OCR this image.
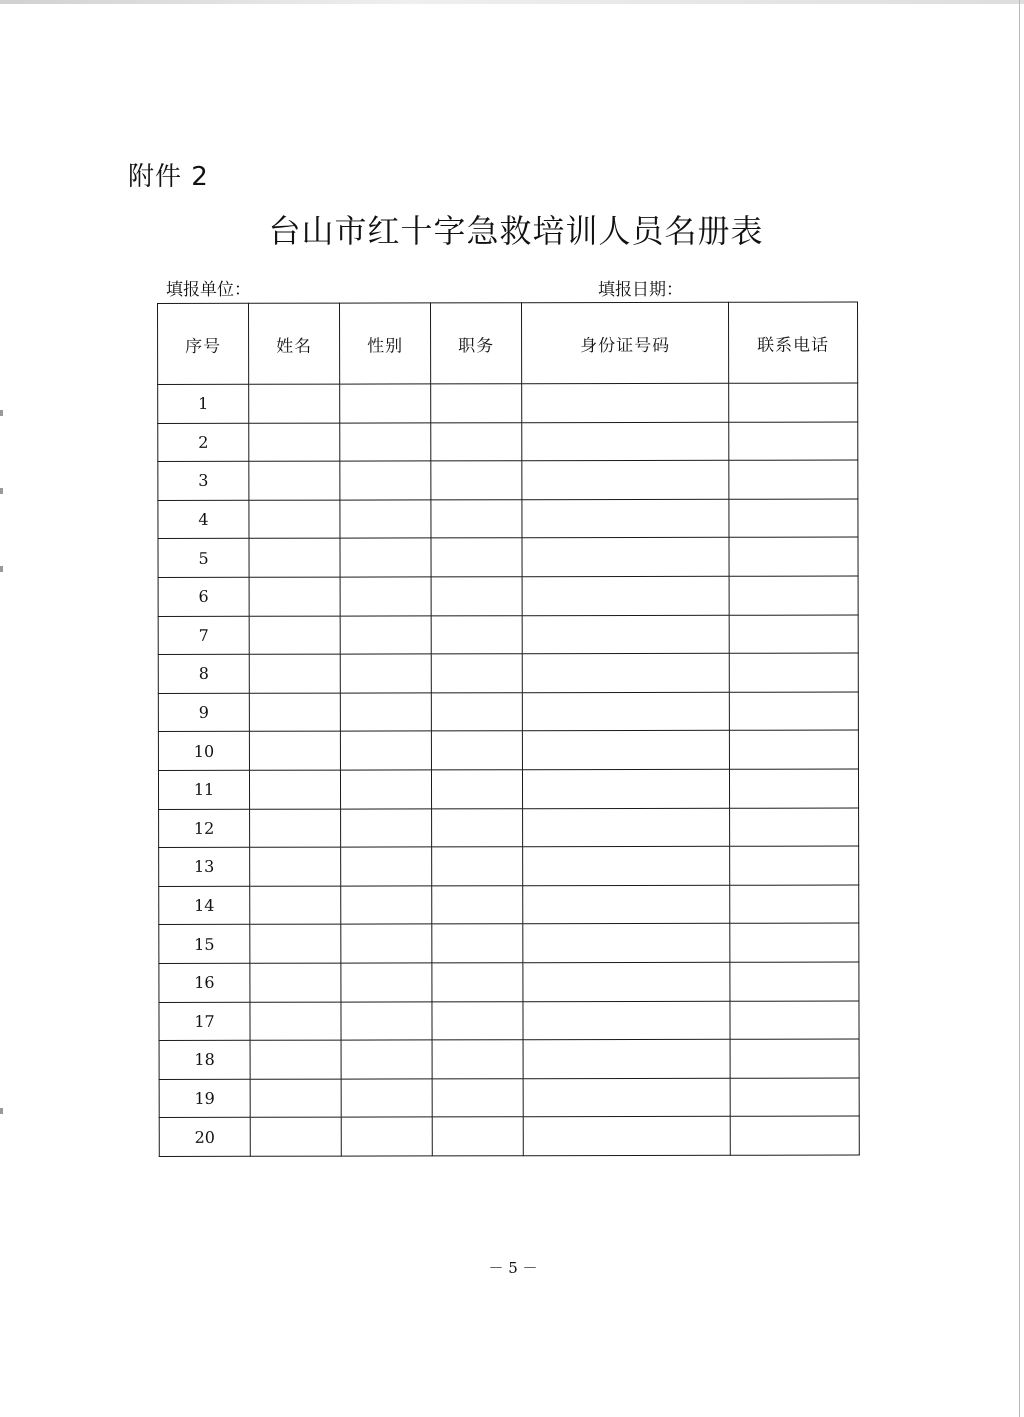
附件 2
台山市红十字急救培训人员名册表
填报单位：	填报日期：
序号	姓名	性别	职务	身份证号码	联系电话
1					
2					
3					
4					
5					
6					
7					
8					
9					
10					
11					
12					
13					
14					
15					
16					
17					
18					
19					
20					
－ 5 －
